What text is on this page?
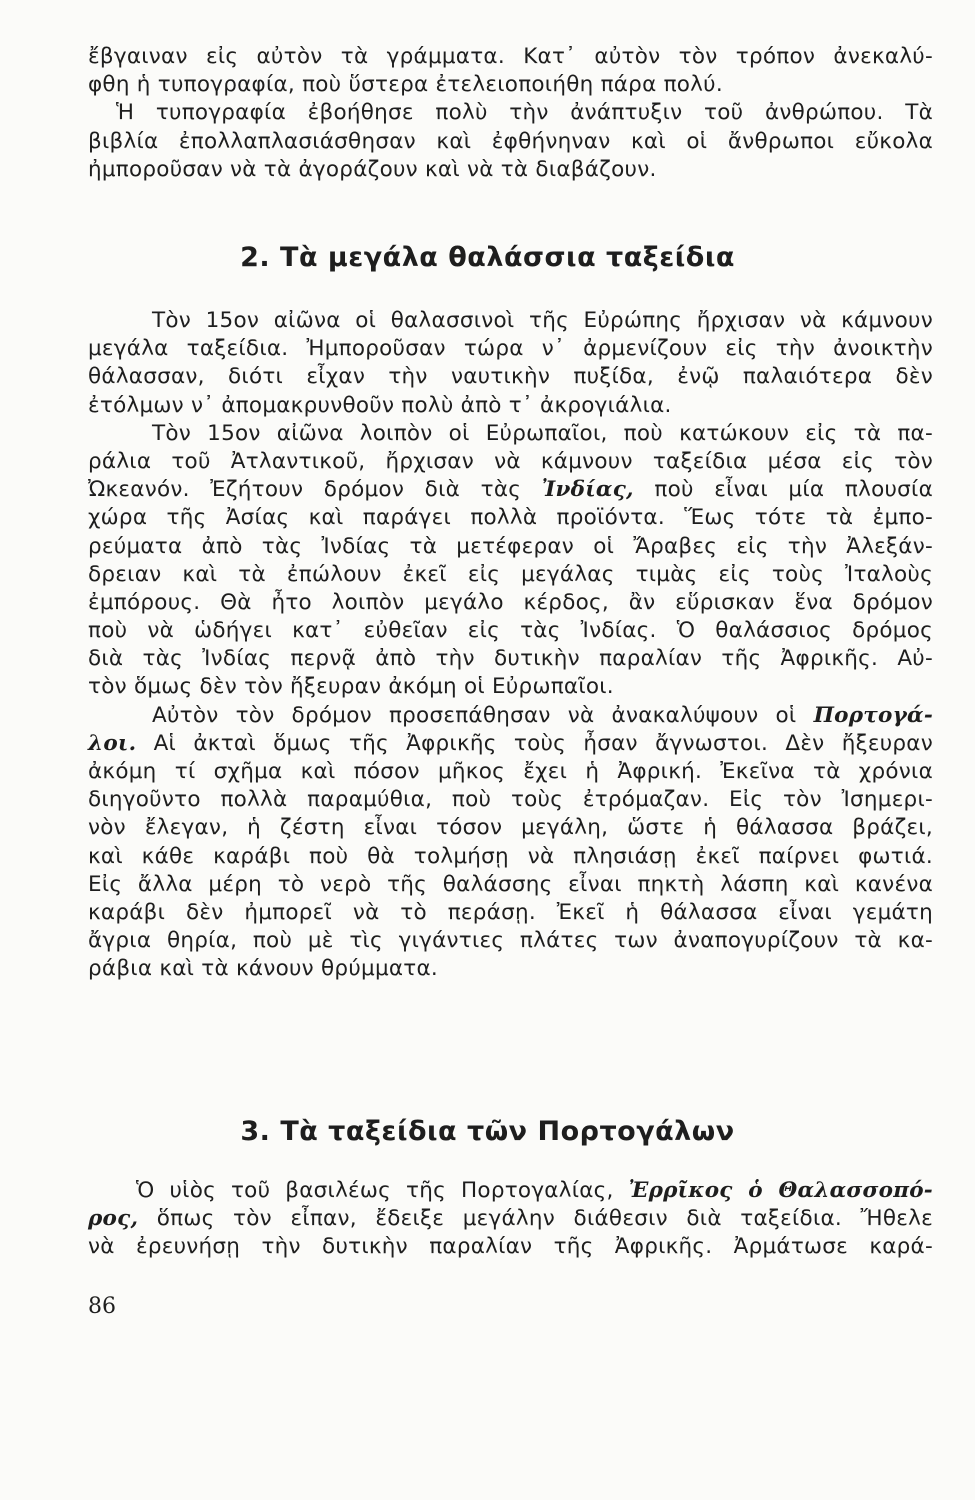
ἔβγαιναν εἰς αὐτὸν τὰ γράμματα. Κατ᾽ αὐτὸν τὸν τρόπον ἀνεκαλύ-
φθη ἡ τυπογραφία, ποὺ ὕστερα ἐτελειοποιήθη πάρα πολύ.
Ἡ τυπογραφία ἐβοήθησε πολὺ τὴν ἀνάπτυξιν τοῦ ἀνθρώπου. Τὰ
βιβλία ἐπολλαπλασιάσθησαν καὶ ἐφθήνηναν καὶ οἱ ἄνθρωποι εὔκολα
ἠμποροῦσαν νὰ τὰ ἀγοράζουν καὶ νὰ τὰ διαβάζουν.
2. Τὰ μεγάλα θαλάσσια ταξείδια
Τὸν 15ον αἰῶνα οἱ θαλασσινοὶ τῆς Εὐρώπης ἤρχισαν νὰ κάμνουν
μεγάλα ταξείδια. Ἠμποροῦσαν τώρα ν᾽ ἀρμενίζουν εἰς τὴν ἀνοικτὴν
θάλασσαν, διότι εἶχαν τὴν ναυτικὴν πυξίδα, ἐνῷ παλαιότερα δὲν
ἐτόλμων ν᾽ ἀπομακρυνθοῦν πολὺ ἀπὸ τ᾽ ἀκρογιάλια.
Τὸν 15ον αἰῶνα λοιπὸν οἱ Εὐρωπαῖοι, ποὺ κατώκουν εἰς τὰ πα-
ράλια τοῦ Ἀτλαντικοῦ, ἤρχισαν νὰ κάμνουν ταξείδια μέσα εἰς τὸν
Ὠκεανόν. Ἐζήτουν δρόμον διὰ τὰς Ἰνδίας, ποὺ εἶναι μία πλουσία
χώρα τῆς Ἀσίας καὶ παράγει πολλὰ προϊόντα. Ἕως τότε τὰ ἐμπο-
ρεύματα ἀπὸ τὰς Ἰνδίας τὰ μετέφεραν οἱ Ἄραβες εἰς τὴν Ἀλεξάν-
δρειαν καὶ τὰ ἐπώλουν ἐκεῖ εἰς μεγάλας τιμὰς εἰς τοὺς Ἰταλοὺς
ἐμπόρους. Θὰ ἦτο λοιπὸν μεγάλο κέρδος, ἂν εὕρισκαν ἕνα δρόμον
ποὺ νὰ ὡδήγει κατ᾽ εὐθεῖαν εἰς τὰς Ἰνδίας. Ὁ θαλάσσιος δρόμος
διὰ τὰς Ἰνδίας περνᾷ ἀπὸ τὴν δυτικὴν παραλίαν τῆς Ἀφρικῆς. Αὐ-
τὸν ὅμως δὲν τὸν ἤξευραν ἀκόμη οἱ Εὐρωπαῖοι.
Αὐτὸν τὸν δρόμον προσεπάθησαν νὰ ἀνακαλύψουν οἱ Πορτογά-
λοι. Αἱ ἀκταὶ ὅμως τῆς Ἀφρικῆς τοὺς ἦσαν ἄγνωστοι. Δὲν ἤξευραν
ἀκόμη τί σχῆμα καὶ πόσον μῆκος ἔχει ἡ Ἀφρική. Ἐκεῖνα τὰ χρόνια
διηγοῦντο πολλὰ παραμύθια, ποὺ τοὺς ἐτρόμαζαν. Εἰς τὸν Ἰσημερι-
νὸν ἔλεγαν, ἡ ζέστη εἶναι τόσον μεγάλη, ὥστε ἡ θάλασσα βράζει,
καὶ κάθε καράβι ποὺ θὰ τολμήσῃ νὰ πλησιάσῃ ἐκεῖ παίρνει φωτιά.
Εἰς ἄλλα μέρη τὸ νερὸ τῆς θαλάσσης εἶναι πηκτὴ λάσπη καὶ κανένα
καράβι δὲν ἠμπορεῖ νὰ τὸ περάσῃ. Ἐκεῖ ἡ θάλασσα εἶναι γεμάτη
ἄγρια θηρία, ποὺ μὲ τὶς γιγάντιες πλάτες των ἀναπογυρίζουν τὰ κα-
ράβια καὶ τὰ κάνουν θρύμματα.
3. Τὰ ταξείδια τῶν Πορτογάλων
Ὁ υἱὸς τοῦ βασιλέως τῆς Πορτογαλίας, Ἐρρῖκος ὁ Θαλασσοπό-
ρος, ὅπως τὸν εἶπαν, ἔδειξε μεγάλην διάθεσιν διὰ ταξείδια. Ἤθελε
νὰ ἐρευνήσῃ τὴν δυτικὴν παραλίαν τῆς Ἀφρικῆς. Ἀρμάτωσε καρά-
86
